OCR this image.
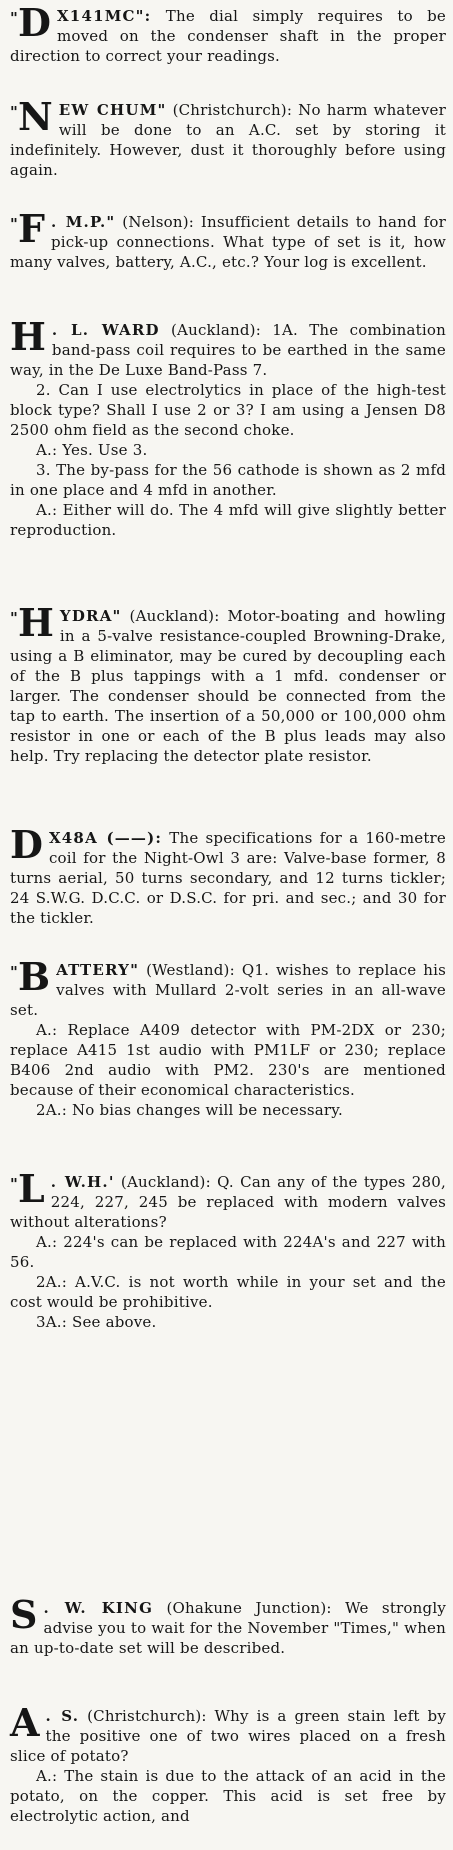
" D X141MC": The dial simply requires to be moved on the condenser shaft in the proper direction to correct your readings.

" N EW CHUM" (Christchurch): No harm whatever will be done to an A.C. set by storing it indefinitely. However, dust it thoroughly before using again.

" F . M.P." (Nelson): Insufficient details to hand for pick-up connections. What type of set is it, how many valves, battery, A.C., etc.? Your log is excellent.

H . L. WARD (Auckland): 1A. The combination band-pass coil requires to be earthed in the same way, in the De Luxe Band-Pass 7.

2. Can I use electrolytics in place of the high-test block type? Shall I use 2 or 3? I am using a Jensen D8 2500 ohm field as the second choke.

A.: Yes. Use 3.

3. The by-pass for the 56 cathode is shown as 2 mfd in one place and 4 mfd in another.

A.: Either will do. The 4 mfd will give slightly better reproduction.

" H YDRA" (Auckland): Motor-boating and howling in a 5-valve resistance-coupled Browning-Drake, using a B eliminator, may be cured by decoupling each of the B plus tappings with a 1 mfd. condenser or larger. The condenser should be connected from the tap to earth. The insertion of a 50,000 or 100,000 ohm resistor in one or each of the B plus leads may also help. Try replacing the detector plate resistor.

D X48A (——): The specifications for a 160-metre coil for the Night-Owl 3 are: Valve-base former, 8 turns aerial, 50 turns secondary, and 12 turns tickler; 24 S.W.G. D.C.C. or D.S.C. for pri. and sec.; and 30 for the tickler.

" B ATTERY" (Westland): Q1. wishes to replace his valves with Mullard 2-volt series in an all-wave set.

A.: Replace A409 detector with PM-2DX or 230; replace A415 1st audio with PM1LF or 230; replace B406 2nd audio with PM2. 230's are mentioned because of their economical characteristics.

2A.: No bias changes will be necessary.

" L . W.H.' (Auckland): Q. Can any of the types 280, 224, 227, 245 be replaced with modern valves without alterations?

A.: 224's can be replaced with 224A's and 227 with 56.

2A.: A.V.C. is not worth while in your set and the cost would be prohibitive.

3A.: See above.

S . W. KING (Ohakune Junction): We strongly advise you to wait for the November "Times," when an up-to-date set will be described.

A . S. (Christchurch): Why is a green stain left by the positive one of two wires placed on a fresh slice of potato?

A.: The stain is due to the attack of an acid in the potato, on the copper. This acid is set free by electrolytic action, and
